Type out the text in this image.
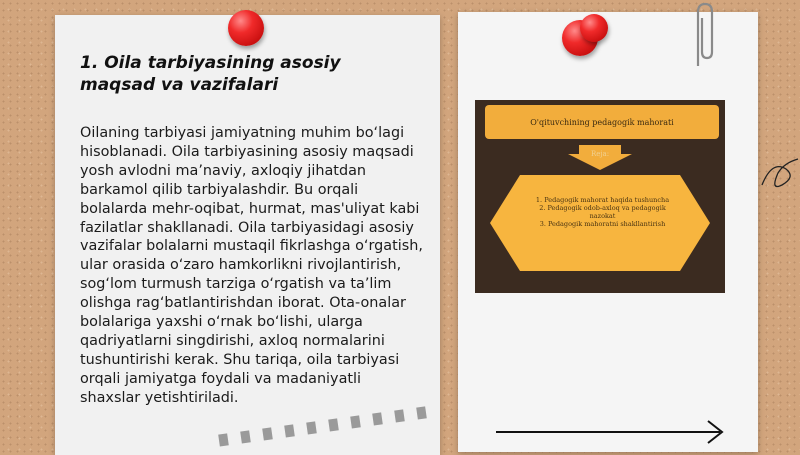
1. Oila tarbiyasining asosiy maqsad va vazifalari

Oilaning tarbiyasi jamiyatning muhim bo‘lagi hisoblanadi. Oila tarbiyasining asosiy maqsadi yosh avlodni ma’naviy, axloqiy jihatdan barkamol qilib tarbiyalashdir. Bu orqali bolalarda mehr-oqibat, hurmat, mas'uliyat kabi fazilatlar shakllanadi. Oila tarbiyasidagi asosiy vazifalar bolalarni mustaqil fikrlashga o‘rgatish, ular orasida o‘zaro hamkorlikni rivojlantirish, sog‘lom turmush tarziga o‘rgatish va ta’lim olishga rag‘batlantirishdan iborat. Ota-onalar bolalariga yaxshi o‘rnak bo‘lishi, ularga qadriyatlarni singdirishi, axloq normalarini tushuntirishi kerak. Shu tariqa, oila tarbiyasi orqali jamiyatga foydali va madaniyatli shaxslar yetishtiriladi.

O'qituvchining pedagogik mahorati
Reja:
1. Pedagogik mahorat haqida tushuncha
2. Pedagogik odob-axloq va pedagogik nazokat
3. Pedagogik mahoratni shakllantirish
